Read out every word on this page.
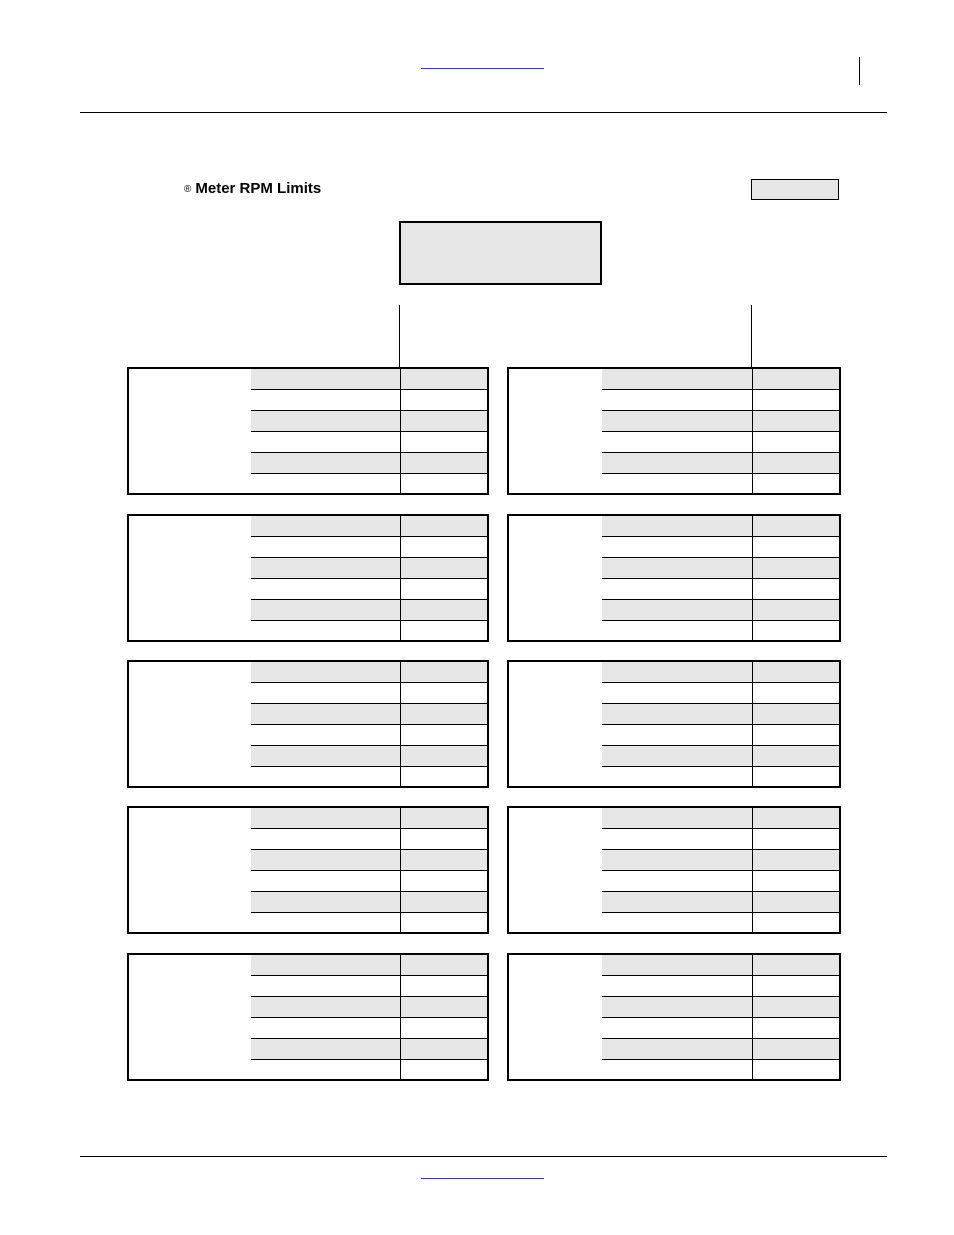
® Meter RPM Limits
